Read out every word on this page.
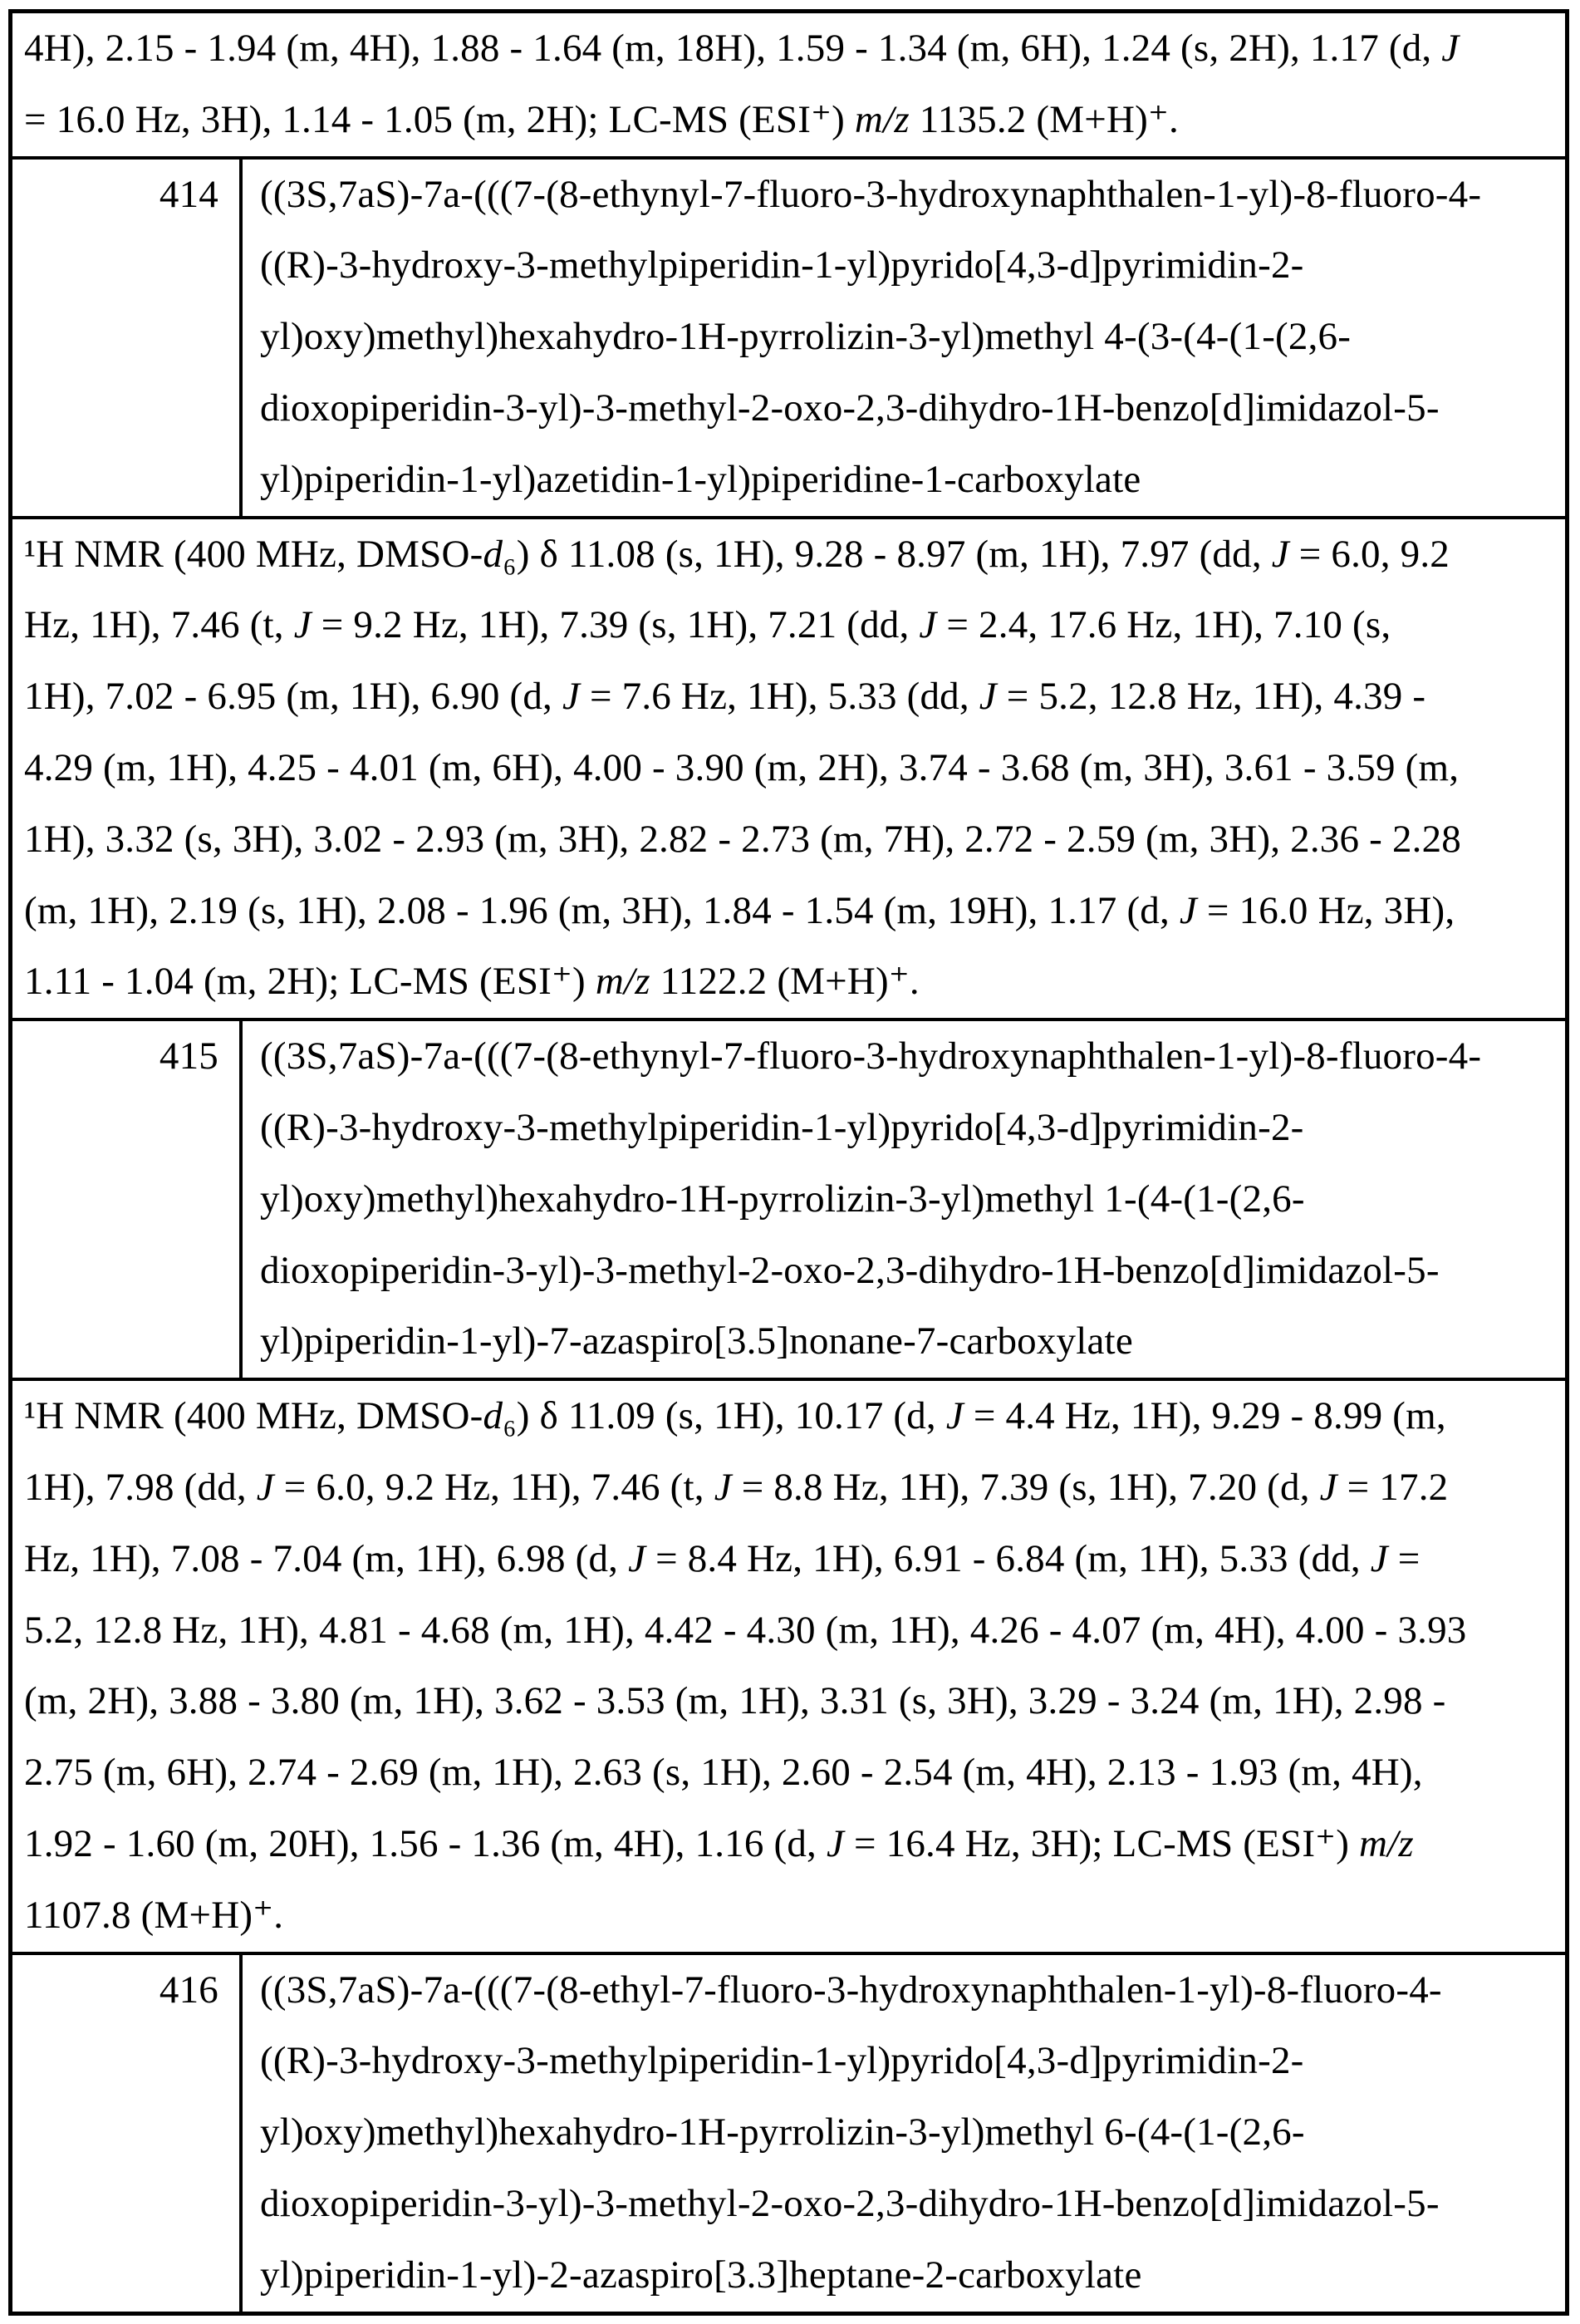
4H), 2.15 - 1.94 (m, 4H), 1.88 - 1.64 (m, 18H), 1.59 - 1.34 (m, 6H), 1.24 (s, 2H), 1.17 (d, J
= 16.0 Hz, 3H), 1.14 - 1.05 (m, 2H); LC-MS (ESI⁺) m/z 1135.2 (M+H)⁺.
414 ((3S,7aS)-7a-(((7-(8-ethynyl-7-fluoro-3-hydroxynaphthalen-1-yl)-8-fluoro-4-
((R)-3-hydroxy-3-methylpiperidin-1-yl)pyrido[4,3-d]pyrimidin-2-
yl)oxy)methyl)hexahydro-1H-pyrrolizin-3-yl)methyl 4-(3-(4-(1-(2,6-
dioxopiperidin-3-yl)-3-methyl-2-oxo-2,3-dihydro-1H-benzo[d]imidazol-5-
yl)piperidin-1-yl)azetidin-1-yl)piperidine-1-carboxylate
¹H NMR (400 MHz, DMSO-d₆) δ 11.08 (s, 1H), 9.28 - 8.97 (m, 1H), 7.97 (dd, J = 6.0, 9.2
Hz, 1H), 7.46 (t, J = 9.2 Hz, 1H), 7.39 (s, 1H), 7.21 (dd, J = 2.4, 17.6 Hz, 1H), 7.10 (s,
1H), 7.02 - 6.95 (m, 1H), 6.90 (d, J = 7.6 Hz, 1H), 5.33 (dd, J = 5.2, 12.8 Hz, 1H), 4.39 -
4.29 (m, 1H), 4.25 - 4.01 (m, 6H), 4.00 - 3.90 (m, 2H), 3.74 - 3.68 (m, 3H), 3.61 - 3.59 (m,
1H), 3.32 (s, 3H), 3.02 - 2.93 (m, 3H), 2.82 - 2.73 (m, 7H), 2.72 - 2.59 (m, 3H), 2.36 - 2.28
(m, 1H), 2.19 (s, 1H), 2.08 - 1.96 (m, 3H), 1.84 - 1.54 (m, 19H), 1.17 (d, J = 16.0 Hz, 3H),
1.11 - 1.04 (m, 2H); LC-MS (ESI⁺) m/z 1122.2 (M+H)⁺.
415 ((3S,7aS)-7a-(((7-(8-ethynyl-7-fluoro-3-hydroxynaphthalen-1-yl)-8-fluoro-4-
((R)-3-hydroxy-3-methylpiperidin-1-yl)pyrido[4,3-d]pyrimidin-2-
yl)oxy)methyl)hexahydro-1H-pyrrolizin-3-yl)methyl 1-(4-(1-(2,6-
dioxopiperidin-3-yl)-3-methyl-2-oxo-2,3-dihydro-1H-benzo[d]imidazol-5-
yl)piperidin-1-yl)-7-azaspiro[3.5]nonane-7-carboxylate
¹H NMR (400 MHz, DMSO-d₆) δ 11.09 (s, 1H), 10.17 (d, J = 4.4 Hz, 1H), 9.29 - 8.99 (m,
1H), 7.98 (dd, J = 6.0, 9.2 Hz, 1H), 7.46 (t, J = 8.8 Hz, 1H), 7.39 (s, 1H), 7.20 (d, J = 17.2
Hz, 1H), 7.08 - 7.04 (m, 1H), 6.98 (d, J = 8.4 Hz, 1H), 6.91 - 6.84 (m, 1H), 5.33 (dd, J =
5.2, 12.8 Hz, 1H), 4.81 - 4.68 (m, 1H), 4.42 - 4.30 (m, 1H), 4.26 - 4.07 (m, 4H), 4.00 - 3.93
(m, 2H), 3.88 - 3.80 (m, 1H), 3.62 - 3.53 (m, 1H), 3.31 (s, 3H), 3.29 - 3.24 (m, 1H), 2.98 -
2.75 (m, 6H), 2.74 - 2.69 (m, 1H), 2.63 (s, 1H), 2.60 - 2.54 (m, 4H), 2.13 - 1.93 (m, 4H),
1.92 - 1.60 (m, 20H), 1.56 - 1.36 (m, 4H), 1.16 (d, J = 16.4 Hz, 3H); LC-MS (ESI⁺) m/z
1107.8 (M+H)⁺.
416 ((3S,7aS)-7a-(((7-(8-ethyl-7-fluoro-3-hydroxynaphthalen-1-yl)-8-fluoro-4-
((R)-3-hydroxy-3-methylpiperidin-1-yl)pyrido[4,3-d]pyrimidin-2-
yl)oxy)methyl)hexahydro-1H-pyrrolizin-3-yl)methyl 6-(4-(1-(2,6-
dioxopiperidin-3-yl)-3-methyl-2-oxo-2,3-dihydro-1H-benzo[d]imidazol-5-
yl)piperidin-1-yl)-2-azaspiro[3.3]heptane-2-carboxylate
